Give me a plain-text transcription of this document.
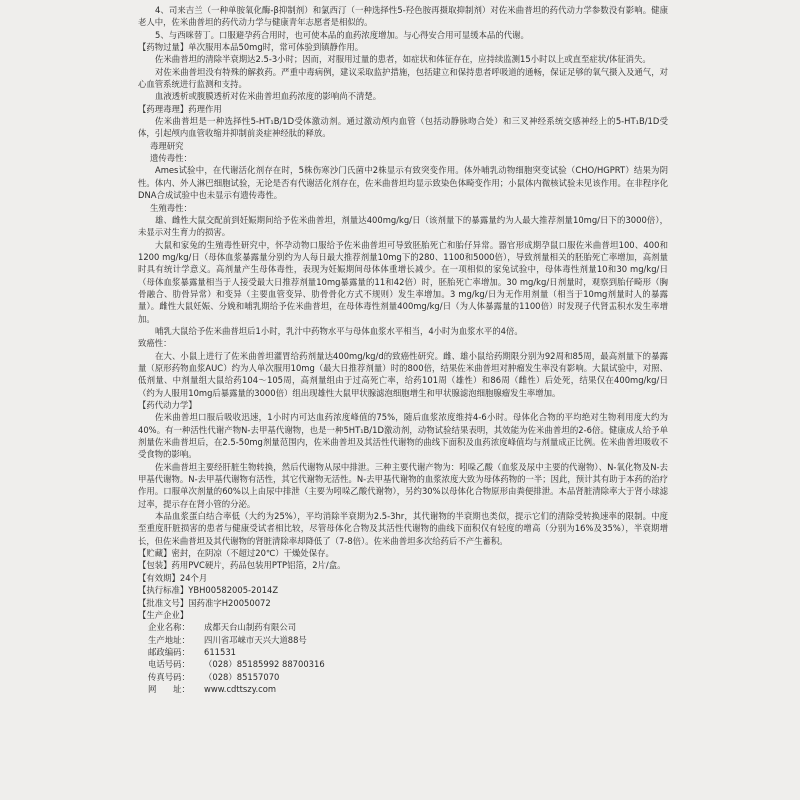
4、司来吉兰（一种单胺氧化酶-β抑制剂）和氯西汀（一种选择性5-羟色胺再摄取抑制剂）对佐米曲普坦的药代动力学参数没有影响。健康老人中，佐米曲普坦的药代动力学与健康青年志愿者是相似的。

5、与西咪替丁。口服避孕药合用时，也可使本品的血药浓度增加。与心得安合用可显缓本品的代谢。

【药物过量】单次服用本品50mg时，常可体验到镇静作用。

佐米曲普坦的清除半衰期达2.5-3小时；因而，对服用过量的患者，如症状和体征存在，应持续监测15小时以上或直至症状/体征消失。

对佐米曲普坦没有特殊的解救药。严重中毒病例，建议采取监护措施，包括建立和保持患者呼吸道的通畅，保证足够的氧气摄入及通气，对心血管系统进行监测和支持。

血液透析或腹膜透析对佐米曲普坦血药浓度的影响尚不清楚。

【药理毒理】药理作用

佐米曲普坦是一种选择性5-HT₁B/1D受体激动剂。通过激动颅内血管（包括动静脉吻合处）和三叉神经系统交感神经上的5-HT₁B/1D受体，引起颅内血管收缩并抑制前炎症神经肽的释放。

毒理研究

遗传毒性：

Ames试验中，在代谢活化剂存在时，5株伤寒沙门氏菌中2株显示有致突变作用。体外哺乳动物细胞突变试验（CHO/HGPRT）结果为阴性。体内、外人淋巴细胞试验，无论是否有代谢活化剂存在，佐米曲普坦均显示致染色体畸变作用；小鼠体内微核试验未见该作用。在非程序化DNA合成试验中也未显示有遗传毒性。

生殖毒性：

雄、雌性大鼠交配前到妊娠期间给予佐米曲普坦，剂量达400mg/kg/日（该剂量下的暴露量约为人最大推荐剂量10mg/日下的3000倍），未显示对生育力的损害。

大鼠和家兔的生殖毒性研究中，怀孕动物口服给予佐米曲普坦可导致胚胎死亡和胎仔异常。器官形成期孕鼠口服佐米曲普坦100、400和1200 mg/kg/日（母体血浆暴露量分别约为人每日最大推荐剂量10mg下的280、1100和5000倍），导致剂量相关的胚胎死亡率增加，高剂量时具有统计学意义。高剂量产生母体毒性，表现为妊娠期间母体体重增长减少。在一项相似的家兔试验中，母体毒性剂量10和30 mg/kg/日（母体血浆暴露量相当于人接受最大日推荐剂量10mg暴露量的11和42倍）时，胚胎死亡率增加。30 mg/kg/日剂量时，观察到胎仔畸形（胸骨融合、肋骨异常）和变异（主要血管变异、肋骨骨化方式不规则）发生率增加。3 mg/kg/日为无作用剂量（相当于10mg剂量时人的暴露量）。雌性大鼠妊娠、分娩和哺乳期给予佐米曲普坦，在母体毒性剂量400mg/kg/日（为人体暴露量的1100倍）时发现子代肾盂积水发生率增加。

哺乳大鼠给予佐米曲普坦后1小时，乳汁中药物水平与母体血浆水平相当，4小时为血浆水平的4倍。

致癌性：

在大、小鼠上进行了佐米曲普坦灌胃给药剂量达400mg/kg/d的致癌性研究。雌、雄小鼠给药期限分别为92周和85周，最高剂量下的暴露量（原形药物血浆AUC）约为人单次服用10mg（最大日推荐剂量）时的800倍，结果佐米曲普坦对肿瘤发生率没有影响。大鼠试验中，对照、低剂量、中剂量组大鼠给药104～105周，高剂量组由于过高死亡率，给药101周（雄性）和86周（雌性）后处死，结果仅在400mg/kg/日（约为人服用10mg后暴露量的3000倍）组出现雄性大鼠甲状腺滤泡细胞增生和甲状腺滤泡细胞腺瘤发生率增加。

【药代动力学】

佐米曲普坦口服后吸收迅速，1小时内可达血药浓度峰值的75%，随后血浆浓度维持4-6小时。母体化合物的平均绝对生物利用度大约为40%。有一种活性代谢产物N-去甲基代谢物，也是一种5HT₁B/1D激动剂，动物试验结果表明，其效能为佐米曲普坦的2-6倍。健康成人给予单剂量佐米曲普坦后，在2.5-50mg剂量范围内，佐米曲普坦及其活性代谢物的曲线下面积及血药浓度峰值均与剂量成正比例。佐米曲普坦吸收不受食物的影响。

佐米曲普坦主要经肝脏生物转换，然后代谢物从尿中排泄。三种主要代谢产物为：吲哚乙酸（血浆及尿中主要的代谢物）、N-氧化物及N-去甲基代谢物。N-去甲基代谢物有活性，其它代谢物无活性。N-去甲基代谢物的血浆浓度大致为母体药物的一半；因此，预计其有助于本药的治疗作用。口服单次剂量的60%以上由尿中排泄（主要为吲哚乙酸代谢物），另约30%以母体化合物原形由粪便排泄。本品肾脏清除率大于肾小球滤过率，提示存在肾小管的分泌。

本品血浆蛋白结合率低（大约为25%），平均消除半衰期为2.5-3hr，其代谢物的半衰期也类似，提示它们的清除受转换速率的限制。中度至重度肝脏损害的患者与健康受试者相比较，尽管母体化合物及其活性代谢物的曲线下面积仅有轻度的增高（分别为16%及35%），半衰期增长，但佐米曲普坦及其代谢物的肾脏清除率却降低了（7-8倍）。佐米曲普坦多次给药后不产生蓄积。

【贮藏】密封，在阴凉（不超过20℃）干燥处保存。

【包装】药用PVC硬片，药品包装用PTP铝箔，2片/盒。

【有效期】24个月

【执行标准】YBH00582005-2014Z

【批准文号】国药准字H20050072

【生产企业】

企业名称： 成都天台山制药有限公司

生产地址： 四川省邛崃市天兴大道88号

邮政编码： 611531

电话号码： （028）85185992 88700316

传真号码： （028）85157070

网　　址： www.cdttszy.com
